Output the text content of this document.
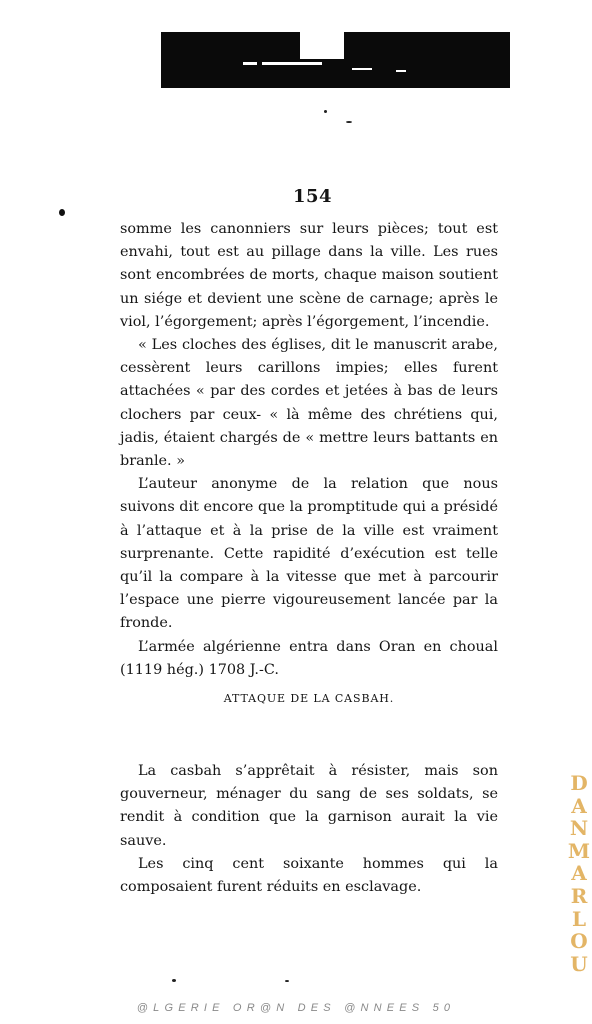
154

somme les canonniers sur leurs pièces; tout est envahi, tout est au pillage dans la ville. Les rues sont encombrées de morts, chaque maison soutient un siége et devient une scène de carnage; après le viol, l’égorgement; après l’égorgement, l’incendie.

« Les cloches des églises, dit le manuscrit arabe, cessèrent leurs carillons impies; elles furent attachées « par des cordes et jetées à bas de leurs clochers par ceux- « là même des chrétiens qui, jadis, étaient chargés de « mettre leurs battants en branle. »

L’auteur anonyme de la relation que nous suivons dit encore que la promptitude qui a présidé à l’attaque et à la prise de la ville est vraiment surprenante. Cette rapidité d’exécution est telle qu’il la compare à la vitesse que met à parcourir l’espace une pierre vigoureusement lancée par la fronde.

L’armée algérienne entra dans Oran en choual (1119 hég.) 1708 J.-C.

ATTAQUE DE LA CASBAH.

La casbah s’apprêtait à résister, mais son gouverneur, ménager du sang de ses soldats, se rendit à condition que la garnison aurait la vie sauve.

Les cinq cent soixante hommes qui la composaient furent réduits en esclavage.

D
A
N
M
A
R
L
O
U
@LGERIE OR@N DES @NNEES 50
